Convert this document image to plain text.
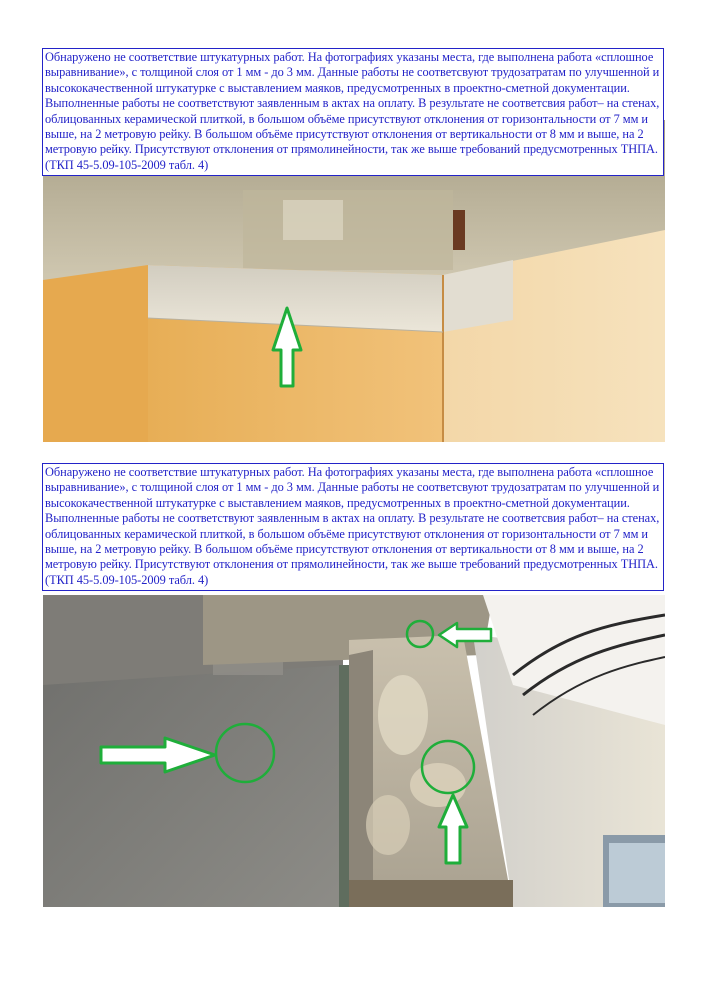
Обнаружено не соответствие штукатурных работ. На фотографиях указаны места, где выполнена работа «сплошное выравнивание», с толщиной слоя от 1 мм - до 3 мм. Данные работы не соответсвуют трудозатратам по улучшенной и высококачественной штукатурке с выставлением маяков, предусмотренных в проектно-сметной документации. Выполненные работы не соответствуют заявленным в актах на оплату. В результате не соответсвия работ– на стенах, облицованных керамической плиткой, в большом объёме присутствуют отклонения от горизонтальности от 7 мм и выше, на 2 метровую рейку. В большом объёме присутствуют отклонения от вертикальности от 8 мм и выше, на 2 метровую рейку. Присутствуют отклонения от прямолинейности, так же выше требований предусмотренных ТНПА. (ТКП 45-5.09-105-2009 табл. 4)
Обнаружено не соответствие штукатурных работ. На фотографиях указаны места, где выполнена работа «сплошное выравнивание», с толщиной слоя от 1 мм - до 3 мм. Данные работы не соответсвуют трудозатратам по улучшенной и высококачественной штукатурке с выставлением маяков, предусмотренных в проектно-сметной документации. Выполненные работы не соответствуют заявленным в актах на оплату. В результате не соответсвия работ– на стенах, облицованных керамической плиткой, в большом объёме присутствуют отклонения от горизонтальности от 7 мм и выше, на 2 метровую рейку. В большом объёме присутствуют отклонения от вертикальности от 8 мм и выше, на 2 метровую рейку. Присутствуют отклонения от прямолинейности, так же выше требований предусмотренных ТНПА. (ТКП 45-5.09-105-2009 табл. 4)
